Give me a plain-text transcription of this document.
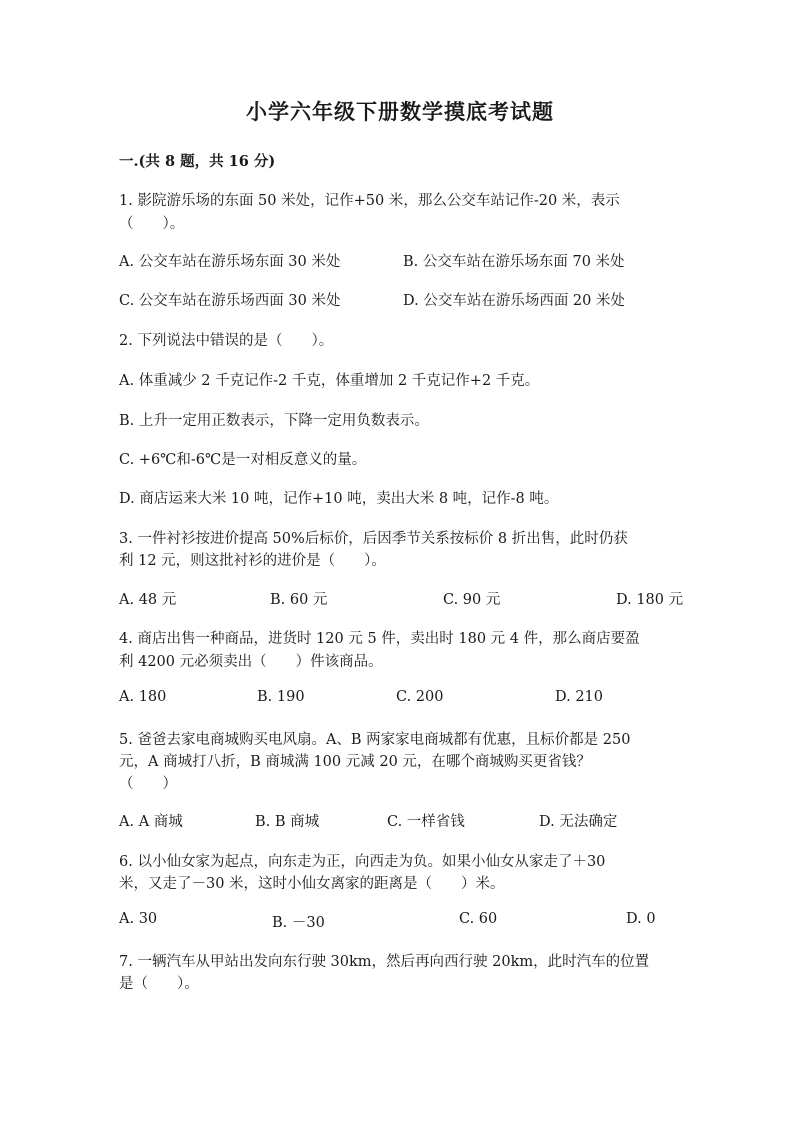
小学六年级下册数学摸底考试题
一.(共 8 题，共 16 分)
1. 影院游乐场的东面 50 米处，记作+50 米，那么公交车站记作-20 米，表示
（　　）。
A. 公交车站在游乐场东面 30 米处	B. 公交车站在游乐场东面 70 米处
C. 公交车站在游乐场西面 30 米处	D. 公交车站在游乐场西面 20 米处
2. 下列说法中错误的是（　　）。
A. 体重减少 2 千克记作-2 千克，体重增加 2 千克记作+2 千克。
B. 上升一定用正数表示，下降一定用负数表示。
C. +6℃和-6℃是一对相反意义的量。
D. 商店运来大米 10 吨，记作+10 吨，卖出大米 8 吨，记作-8 吨。
3. 一件衬衫按进价提高 50%后标价，后因季节关系按标价 8 折出售，此时仍获
利 12 元，则这批衬衫的进价是（　　）。
A. 48 元	B. 60 元	C. 90 元	D. 180 元
4. 商店出售一种商品，进货时 120 元 5 件，卖出时 180 元 4 件，那么商店要盈
利 4200 元必须卖出（　　）件该商品。
A. 180	B. 190	C. 200	D. 210
5. 爸爸去家电商城购买电风扇。A、B 两家家电商城都有优惠，且标价都是 250
元，A 商城打八折，B 商城满 100 元减 20 元，在哪个商城购买更省钱？
（　　）
A. A 商城	B. B 商城	C. 一样省钱	D. 无法确定
6. 以小仙女家为起点，向东走为正，向西走为负。如果小仙女从家走了＋30
米，又走了－30 米，这时小仙女离家的距离是（　　）米。
A. 30	B. －30	C. 60	D. 0
7. 一辆汽车从甲站出发向东行驶 30km，然后再向西行驶 20km，此时汽车的位置
是（　　）。
